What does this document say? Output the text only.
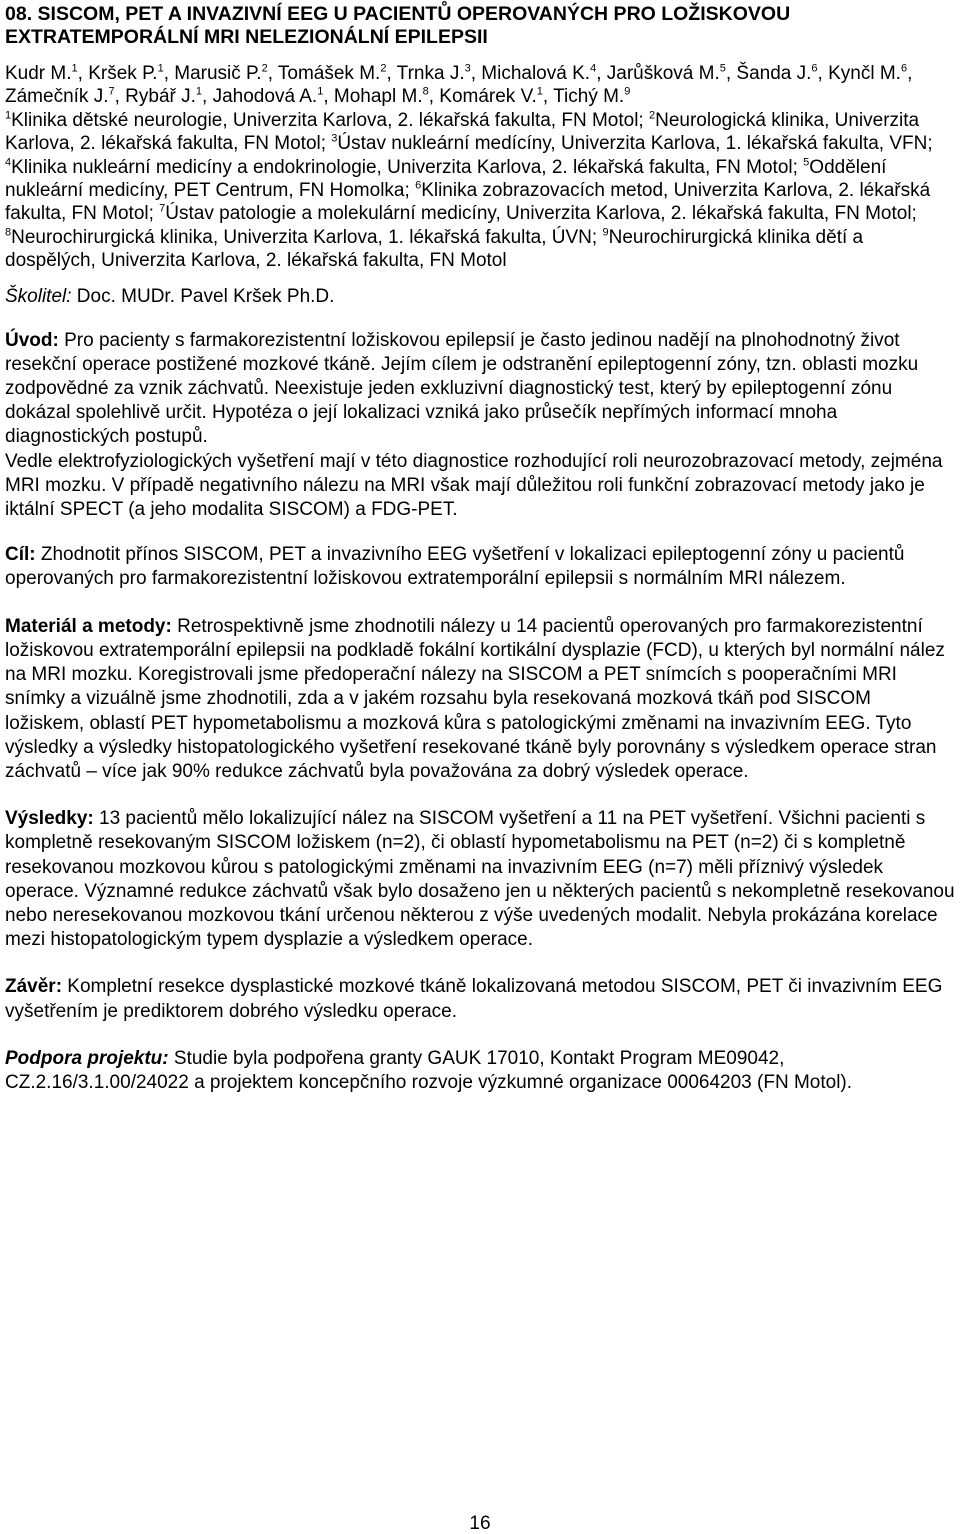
08. SISCOM, PET A INVAZIVNÍ EEG U PACIENTŮ OPEROVANÝCH PRO LOŽISKOVOU EXTRATEMPORÁLNÍ MRI NELEZIONÁLNÍ EPILEPSII

Kudr M.$^1$, Kršek P.$^1$, Marusič P.$^2$, Tomášek M.$^2$, Trnka J.$^3$, Michalová K.$^4$, Jarůšková M.$^5$, Šanda J.$^6$, Kynčl M.$^6$, Zámečník J.$^7$, Rybář J.$^1$, Jahodová A.$^1$, Mohapl M.$^8$, Komárek V.$^1$, Tichý M.$^9$

$^1$Klinika dětské neurologie, Univerzita Karlova, 2. lékařská fakulta, FN Motol; $^2$Neurologická klinika, Univerzita Karlova, 2. lékařská fakulta, FN Motol; $^3$Ústav nukleární medícíny, Univerzita Karlova, 1. lékařská fakulta, VFN; $^4$Klinika nukleární medicíny a endokrinologie, Univerzita Karlova, 2. lékařská fakulta, FN Motol; $^5$Oddělení nukleární medicíny, PET Centrum, FN Homolka; $^6$Klinika zobrazovacích metod, Univerzita Karlova, 2. lékařská fakulta, FN Motol; $^7$Ústav patologie a molekulární medicíny, Univerzita Karlova, 2. lékařská fakulta, FN Motol; $^8$Neurochirurgická klinika, Univerzita Karlova, 1. lékařská fakulta, ÚVN; $^9$Neurochirurgická klinika dětí a dospělých, Univerzita Karlova, 2. lékařská fakulta, FN Motol

Školitel: Doc. MUDr. Pavel Kršek Ph.D.

Úvod: Pro pacienty s farmakorezistentní ložiskovou epilepsií je často jedinou nadějí na plnohodnotný život resekční operace postižené mozkové tkáně. Jejím cílem je odstranění epileptogenní zóny, tzn. oblasti mozku zodpovědné za vznik záchvatů. Neexistuje jeden exkluzivní diagnostický test, který by epileptogenní zónu dokázal spolehlivě určit. Hypotéza o její lokalizaci vzniká jako průsečík nepřímých informací mnoha diagnostických postupů.
Vedle elektrofyziologických vyšetření mají v této diagnostice rozhodující roli neurozobrazovací metody, zejména MRI mozku. V případě negativního nálezu na MRI však mají důležitou roli funkční zobrazovací metody jako je iktální SPECT (a jeho modalita SISCOM) a FDG-PET.

Cíl: Zhodnotit přínos SISCOM, PET a invazivního EEG vyšetření v lokalizaci epileptogenní zóny u pacientů operovaných pro farmakorezistentní ložiskovou extratemporální epilepsii s normálním MRI nálezem.

Materiál a metody: Retrospektivně jsme zhodnotili nálezy u 14 pacientů operovaných pro farmakorezistentní ložiskovou extratemporální epilepsii na podkladě fokální kortikální dysplazie (FCD), u kterých byl normální nález na MRI mozku. Koregistrovali jsme předoperační nálezy na SISCOM a PET snímcích s pooperačními MRI snímky a vizuálně jsme zhodnotili, zda a v jakém rozsahu byla resekovaná mozková tkáň pod SISCOM ložiskem, oblastí PET hypometabolismu a mozková kůra s patologickými změnami na invazivním EEG. Tyto výsledky a výsledky histopatologického vyšetření resekované tkáně byly porovnány s výsledkem operace stran záchvatů – více jak 90% redukce záchvatů byla považována za dobrý výsledek operace.

Výsledky: 13 pacientů mělo lokalizující nález na SISCOM vyšetření a 11 na PET vyšetření. Všichni pacienti s kompletně resekovaným SISCOM ložiskem (n=2), či oblastí hypometabolismu na PET (n=2) či s kompletně resekovanou mozkovou kůrou s patologickými změnami na invazivním EEG (n=7) měli příznivý výsledek operace. Významné redukce záchvatů však bylo dosaženo jen u některých pacientů s nekompletně resekovanou nebo neresekovanou mozkovou tkání určenou některou z výše uvedených modalit. Nebyla prokázána korelace mezi histopatologickým typem dysplazie a výsledkem operace.

Závěr: Kompletní resekce dysplastické mozkové tkáně lokalizovaná metodou SISCOM, PET či invazivním EEG vyšetřením je prediktorem dobrého výsledku operace.

Podpora projektu: Studie byla podpořena granty GAUK 17010, Kontakt Program ME09042, CZ.2.16/3.1.00/24022 a projektem koncepčního rozvoje výzkumné organizace 00064203 (FN Motol).

16
